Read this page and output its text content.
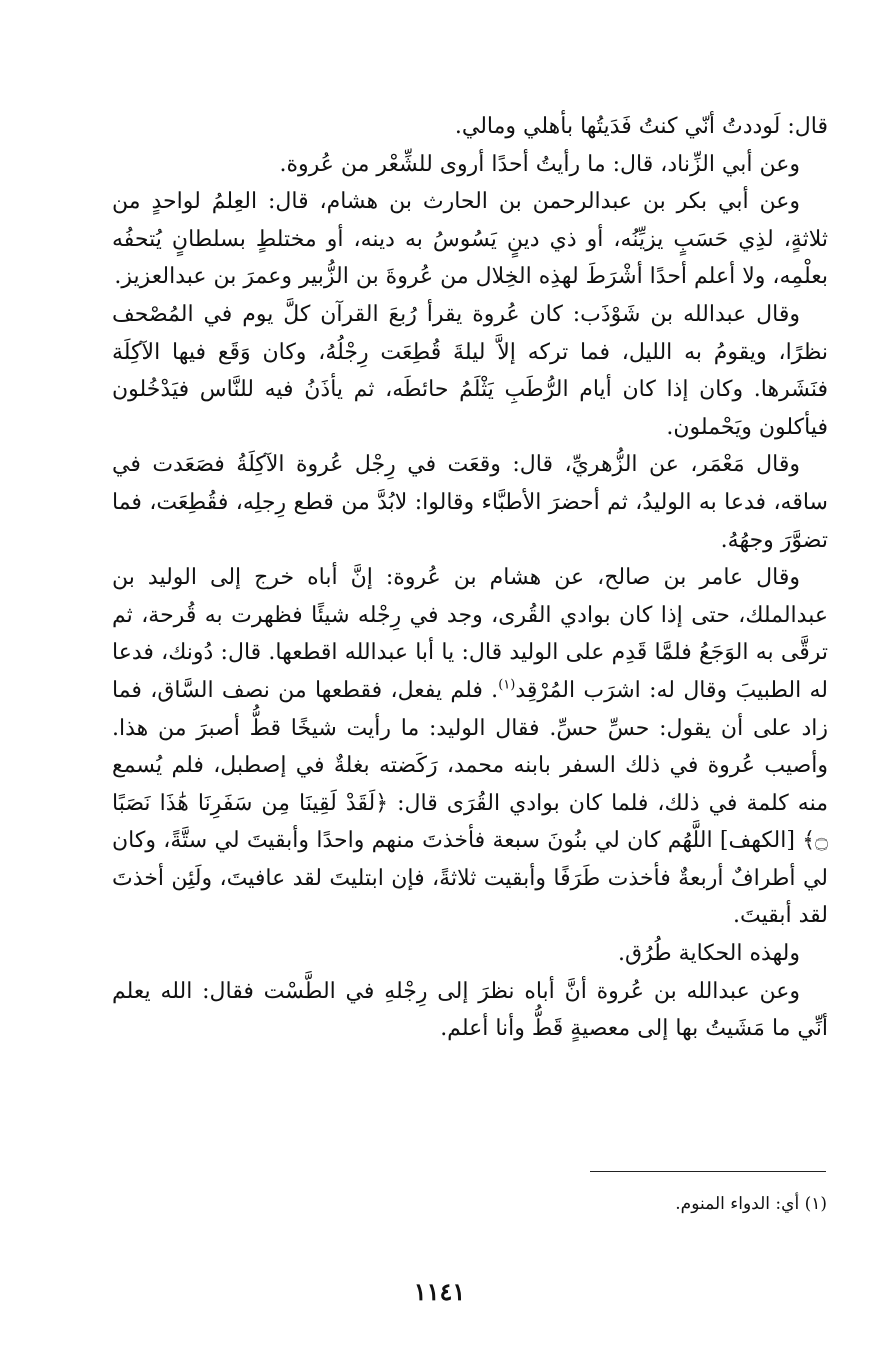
قال: لَوددتُ أنّي كنتُ فَدَيتُها بأهلي ومالي.

وعن أبي الزِّناد، قال: ما رأيتُ أحدًا أروى للشِّعْر من عُروة.

وعن أبي بكر بن عبدالرحمن بن الحارث بن هشام، قال: العِلمُ لواحدٍ من ثلاثةٍ، لذِي حَسَبٍ يزيِّنُه، أو ذي دينٍ يَسُوسُ به دينه، أو مختلطٍ بسلطانٍ يُتحفُه بعلْمِه، ولا أعلم أحدًا أشْرَطَ لهذِه الخِلال من عُروةَ بن الزُّبير وعمرَ بن عبدالعزيز.

وقال عبدالله بن شَوْذَب: كان عُروة يقرأ رُبعَ القرآن كلَّ يوم في المُصْحف نظرًا، ويقومُ به الليل، فما تركه إلاَّ ليلةَ قُطِعَت رِجْلُهُ، وكان وَقَع فيها الآكِلَة فنَشَرها. وكان إذا كان أيام الرُّطَبِ يَثْلَمُ حائطَه، ثم يأذَنُ فيه للنَّاس فيَدْخُلون فيأكلون ويَحْملون.

وقال مَعْمَر، عن الزُّهريِّ، قال: وقعَت في رِجْل عُروة الآكِلَةُ فصَعَدت في ساقه، فدعا به الوليدُ، ثم أحضرَ الأطبَّاء وقالوا: لابُدَّ من قطع رِجلِه، فقُطِعَت، فما تضوَّرَ وجهُهُ.

وقال عامر بن صالح، عن هشام بن عُروة: إنَّ أباه خرج إلى الوليد بن عبدالملك، حتى إذا كان بوادي القُرى، وجد في رِجْله شيئًا فظهرت به قُرحة، ثم ترقَّى به الوَجَعُ فلمَّا قَدِم على الوليد قال: يا أبا عبدالله اقطعها. قال: دُونك، فدعا له الطبيبَ وقال له: اشرَب المُرْقِد$^{(١)}$. فلم يفعل، فقطعها من نصف السَّاق، فما زاد على أن يقول: حسِّ حسِّ. فقال الوليد: ما رأيت شيخًا قطُّ أصبرَ من هذا. وأصيب عُروة في ذلك السفر بابنه محمد، رَكَضته بغلةٌ في إصطبل، فلم يُسمع منه كلمة في ذلك، فلما كان بوادي القُرَى قال: ﴿لَقَدْ لَقِينَا مِن سَفَرِنَا هَٰذَا نَصَبًا ۝﴾ [الكهف] اللَّهُم كان لي بنُونَ سبعة فأخذتَ منهم واحدًا وأبقيتَ لي ستَّةً، وكان لي أطرافٌ أربعةٌ فأخذت طَرَفًا وأبقيت ثلاثةً، فإن ابتليتَ لقد عافيتَ، ولَئِن أخذتَ لقد أبقيتَ.

ولهذه الحكاية طُرُق.

وعن عبدالله بن عُروة أنَّ أباه نظرَ إلى رِجْلهِ في الطَّسْت فقال: الله يعلم أنِّي ما مَشَيتُ بها إلى معصيةٍ قَطُّ وأنا أعلم.

(١) أي: الدواء المنوم.
١١٤١
